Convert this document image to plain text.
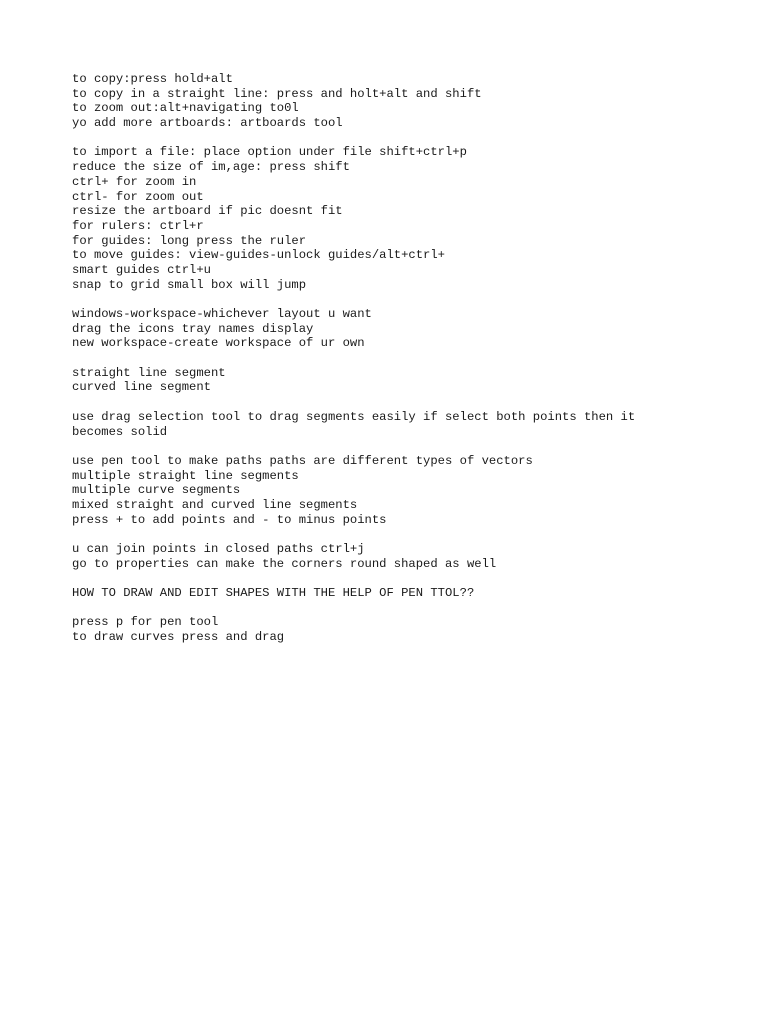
to copy:press hold+alt
to copy in a straight line: press and holt+alt and shift
to zoom out:alt+navigating to0l
yo add more artboards: artboards tool
to import a file: place option under file shift+ctrl+p
reduce the size of im,age: press shift
ctrl+ for zoom in
ctrl- for zoom out
resize the artboard if pic doesnt fit
for rulers: ctrl+r
for guides: long press the ruler
to move guides: view-guides-unlock guides/alt+ctrl+
smart guides ctrl+u
snap to grid small box will jump
windows-workspace-whichever layout u want
drag the icons tray names display
new workspace-create workspace of ur own
straight line segment
curved line segment
use drag selection tool to drag segments easily if select both points then it
becomes solid
use pen tool to make paths paths are different types of vectors
multiple straight line segments
multiple curve segments
mixed straight and curved line segments
press + to add points and - to minus points
u can join points in closed paths ctrl+j
go to properties can make the corners round shaped as well
HOW TO DRAW AND EDIT SHAPES WITH THE HELP OF PEN TTOL??
press p for pen tool
to draw curves press and drag
